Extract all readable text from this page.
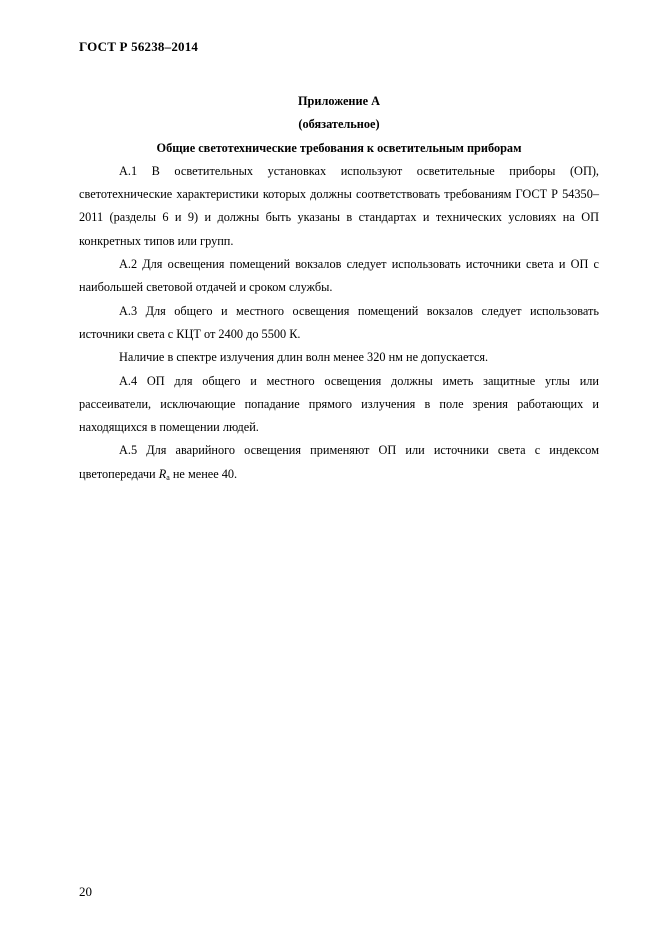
ГОСТ Р 56238–2014

Приложение А

(обязательное)

Общие светотехнические требования к осветительным приборам

А.1 В осветительных установках используют осветительные приборы (ОП), светотехнические характеристики которых должны соответствовать требованиям ГОСТ Р 54350–2011 (разделы 6 и 9) и должны быть указаны в стандартах и технических условиях на ОП конкретных типов или групп.

А.2 Для освещения помещений вокзалов следует использовать источники света и ОП с наибольшей световой отдачей и сроком службы.

А.3 Для общего и местного освещения помещений вокзалов следует использовать источники света с КЦТ от 2400 до 5500 К.

Наличие в спектре излучения длин волн менее 320 нм не допускается.

А.4 ОП для общего и местного освещения должны иметь защитные углы или рассеиватели, исключающие попадание прямого излучения в поле зрения работающих и находящихся в помещении людей.

А.5 Для аварийного освещения применяют ОП или источники света с индексом цветопередачи $R_a$ не менее 40.

20
